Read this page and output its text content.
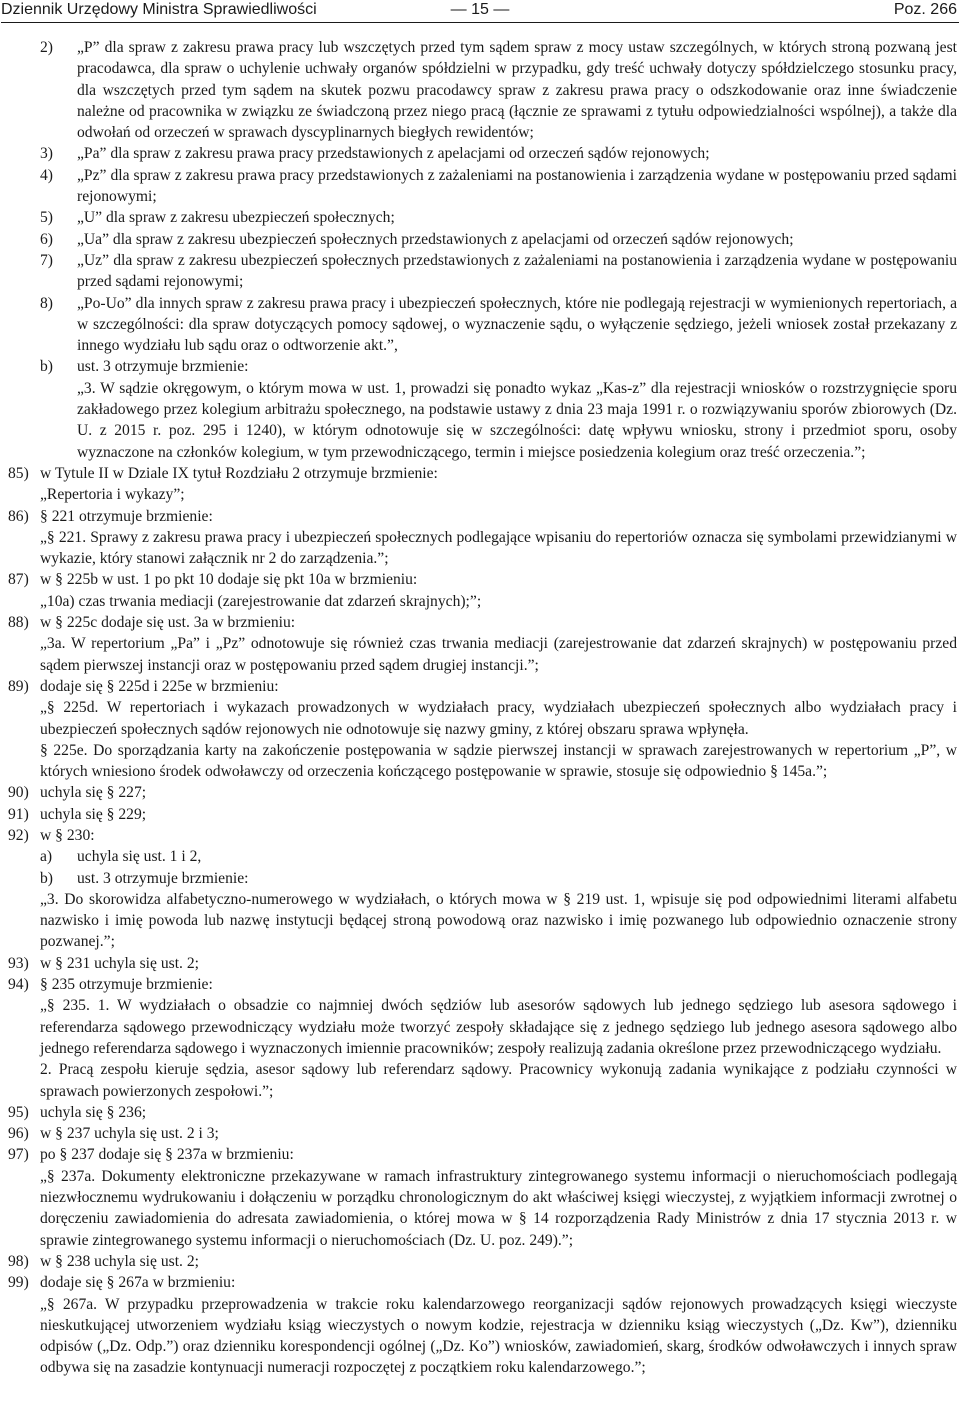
Dziennik Urzędowy Ministra Sprawiedliwości	— 15 —	Poz. 266
2) „P” dla spraw z zakresu prawa pracy lub wszczętych przed tym sądem spraw z mocy ustaw szczególnych, w których stroną pozwaną jest pracodawca, dla spraw o uchylenie uchwały organów spółdzielni w przypadku, gdy treść uchwały dotyczy spółdzielczego stosunku pracy, dla wszczętych przed tym sądem na skutek pozwu pracodawcy spraw z zakresu prawa pracy o odszkodowanie oraz inne świadczenie należne od pracownika w związku ze świadczoną przez niego pracą (łącznie ze sprawami z tytułu odpowiedzialności wspólnej), a także dla odwołań od orzeczeń w sprawach dyscyplinarnych biegłych rewidentów;
3) „Pa” dla spraw z zakresu prawa pracy przedstawionych z apelacjami od orzeczeń sądów rejonowych;
4) „Pz” dla spraw z zakresu prawa pracy przedstawionych z zażaleniami na postanowienia i zarządzenia wydane w postępowaniu przed sądami rejonowymi;
5) „U” dla spraw z zakresu ubezpieczeń społecznych;
6) „Ua” dla spraw z zakresu ubezpieczeń społecznych przedstawionych z apelacjami od orzeczeń sądów rejonowych;
7) „Uz” dla spraw z zakresu ubezpieczeń społecznych przedstawionych z zażaleniami na postanowienia i zarządzenia wydane w postępowaniu przed sądami rejonowymi;
8) „Po-Uo” dla innych spraw z zakresu prawa pracy i ubezpieczeń społecznych, które nie podlegają rejestracji w wymienionych repertoriach, a w szczególności: dla spraw dotyczących pomocy sądowej, o wyznaczenie sądu, o wyłączenie sędziego, jeżeli wniosek został przekazany z innego wydziału lub sądu oraz o odtworzenie akt.”,
b) ust. 3 otrzymuje brzmienie:
„3. W sądzie okręgowym, o którym mowa w ust. 1, prowadzi się ponadto wykaz „Kas-z” dla rejestracji wniosków o rozstrzygnięcie sporu zakładowego przez kolegium arbitrażu społecznego, na podstawie ustawy z dnia 23 maja 1991 r. o rozwiązywaniu sporów zbiorowych (Dz. U. z 2015 r. poz. 295 i 1240), w którym odnotowuje się w szczególności: datę wpływu wniosku, strony i przedmiot sporu, osoby wyznaczone na członków kolegium, w tym przewodniczącego, termin i miejsce posiedzenia kolegium oraz treść orzeczenia.”;
85) w Tytule II w Dziale IX tytuł Rozdziału 2 otrzymuje brzmienie:
„Repertoria i wykazy”;
86) § 221 otrzymuje brzmienie:
„§ 221. Sprawy z zakresu prawa pracy i ubezpieczeń społecznych podlegające wpisaniu do repertoriów oznacza się symbolami przewidzianymi w wykazie, który stanowi załącznik nr 2 do zarządzenia.”;
87) w § 225b w ust. 1 po pkt 10 dodaje się pkt 10a w brzmieniu:
„10a) czas trwania mediacji (zarejestrowanie dat zdarzeń skrajnych);”;
88) w § 225c dodaje się ust. 3a w brzmieniu:
„3a. W repertorium „Pa” i „Pz” odnotowuje się również czas trwania mediacji (zarejestrowanie dat zdarzeń skrajnych) w postępowaniu przed sądem pierwszej instancji oraz w postępowaniu przed sądem drugiej instancji.”;
89) dodaje się § 225d i 225e w brzmieniu:
„§ 225d. W repertoriach i wykazach prowadzonych w wydziałach pracy, wydziałach ubezpieczeń społecznych albo wydziałach pracy i ubezpieczeń społecznych sądów rejonowych nie odnotowuje się nazwy gminy, z której obszaru sprawa wpłynęła.
§ 225e. Do sporządzania karty na zakończenie postępowania w sądzie pierwszej instancji w sprawach zarejestrowanych w repertorium „P”, w których wniesiono środek odwoławczy od orzeczenia kończącego postępowanie w sprawie, stosuje się odpowiednio § 145a.”;
90) uchyla się § 227;
91) uchyla się § 229;
92) w § 230:
a) uchyla się ust. 1 i 2,
b) ust. 3 otrzymuje brzmienie:
„3. Do skorowidza alfabetyczno-numerowego w wydziałach, o których mowa w § 219 ust. 1, wpisuje się pod odpowiednimi literami alfabetu nazwisko i imię powoda lub nazwę instytucji będącej stroną powodową oraz nazwisko i imię pozwanego lub odpowiednio oznaczenie strony pozwanej.”;
93) w § 231 uchyla się ust. 2;
94) § 235 otrzymuje brzmienie:
„§ 235. 1. W wydziałach o obsadzie co najmniej dwóch sędziów lub asesorów sądowych lub jednego sędziego lub asesora sądowego i referendarza sądowego przewodniczący wydziału może tworzyć zespoły składające się z jednego sędziego lub jednego asesora sądowego albo jednego referendarza sądowego i wyznaczonych imiennie pracowników; zespoły realizują zadania określone przez przewodniczącego wydziału.
2. Pracą zespołu kieruje sędzia, asesor sądowy lub referendarz sądowy. Pracownicy wykonują zadania wynikające z podziału czynności w sprawach powierzonych zespołowi.”;
95) uchyla się § 236;
96) w § 237 uchyla się ust. 2 i 3;
97) po § 237 dodaje się § 237a w brzmieniu:
„§ 237a. Dokumenty elektroniczne przekazywane w ramach infrastruktury zintegrowanego systemu informacji o nieruchomościach podlegają niezwłocznemu wydrukowaniu i dołączeniu w porządku chronologicznym do akt właściwej księgi wieczystej, z wyjątkiem informacji zwrotnej o doręczeniu zawiadomienia do adresata zawiadomienia, o której mowa w § 14 rozporządzenia Rady Ministrów z dnia 17 stycznia 2013 r. w sprawie zintegrowanego systemu informacji o nieruchomościach (Dz. U. poz. 249).”;
98) w § 238 uchyla się ust. 2;
99) dodaje się § 267a w brzmieniu:
„§ 267a. W przypadku przeprowadzenia w trakcie roku kalendarzowego reorganizacji sądów rejonowych prowadzących księgi wieczyste nieskutkującej utworzeniem wydziału ksiąg wieczystych o nowym kodzie, rejestracja w dzienniku ksiąg wieczystych („Dz. Kw”), dzienniku odpisów („Dz. Odp.”) oraz dzienniku korespondencji ogólnej („Dz. Ko”) wniosków, zawiadomień, skarg, środków odwoławczych i innych spraw odbywa się na zasadzie kontynuacji numeracji rozpoczętej z początkiem roku kalendarzowego.”;
